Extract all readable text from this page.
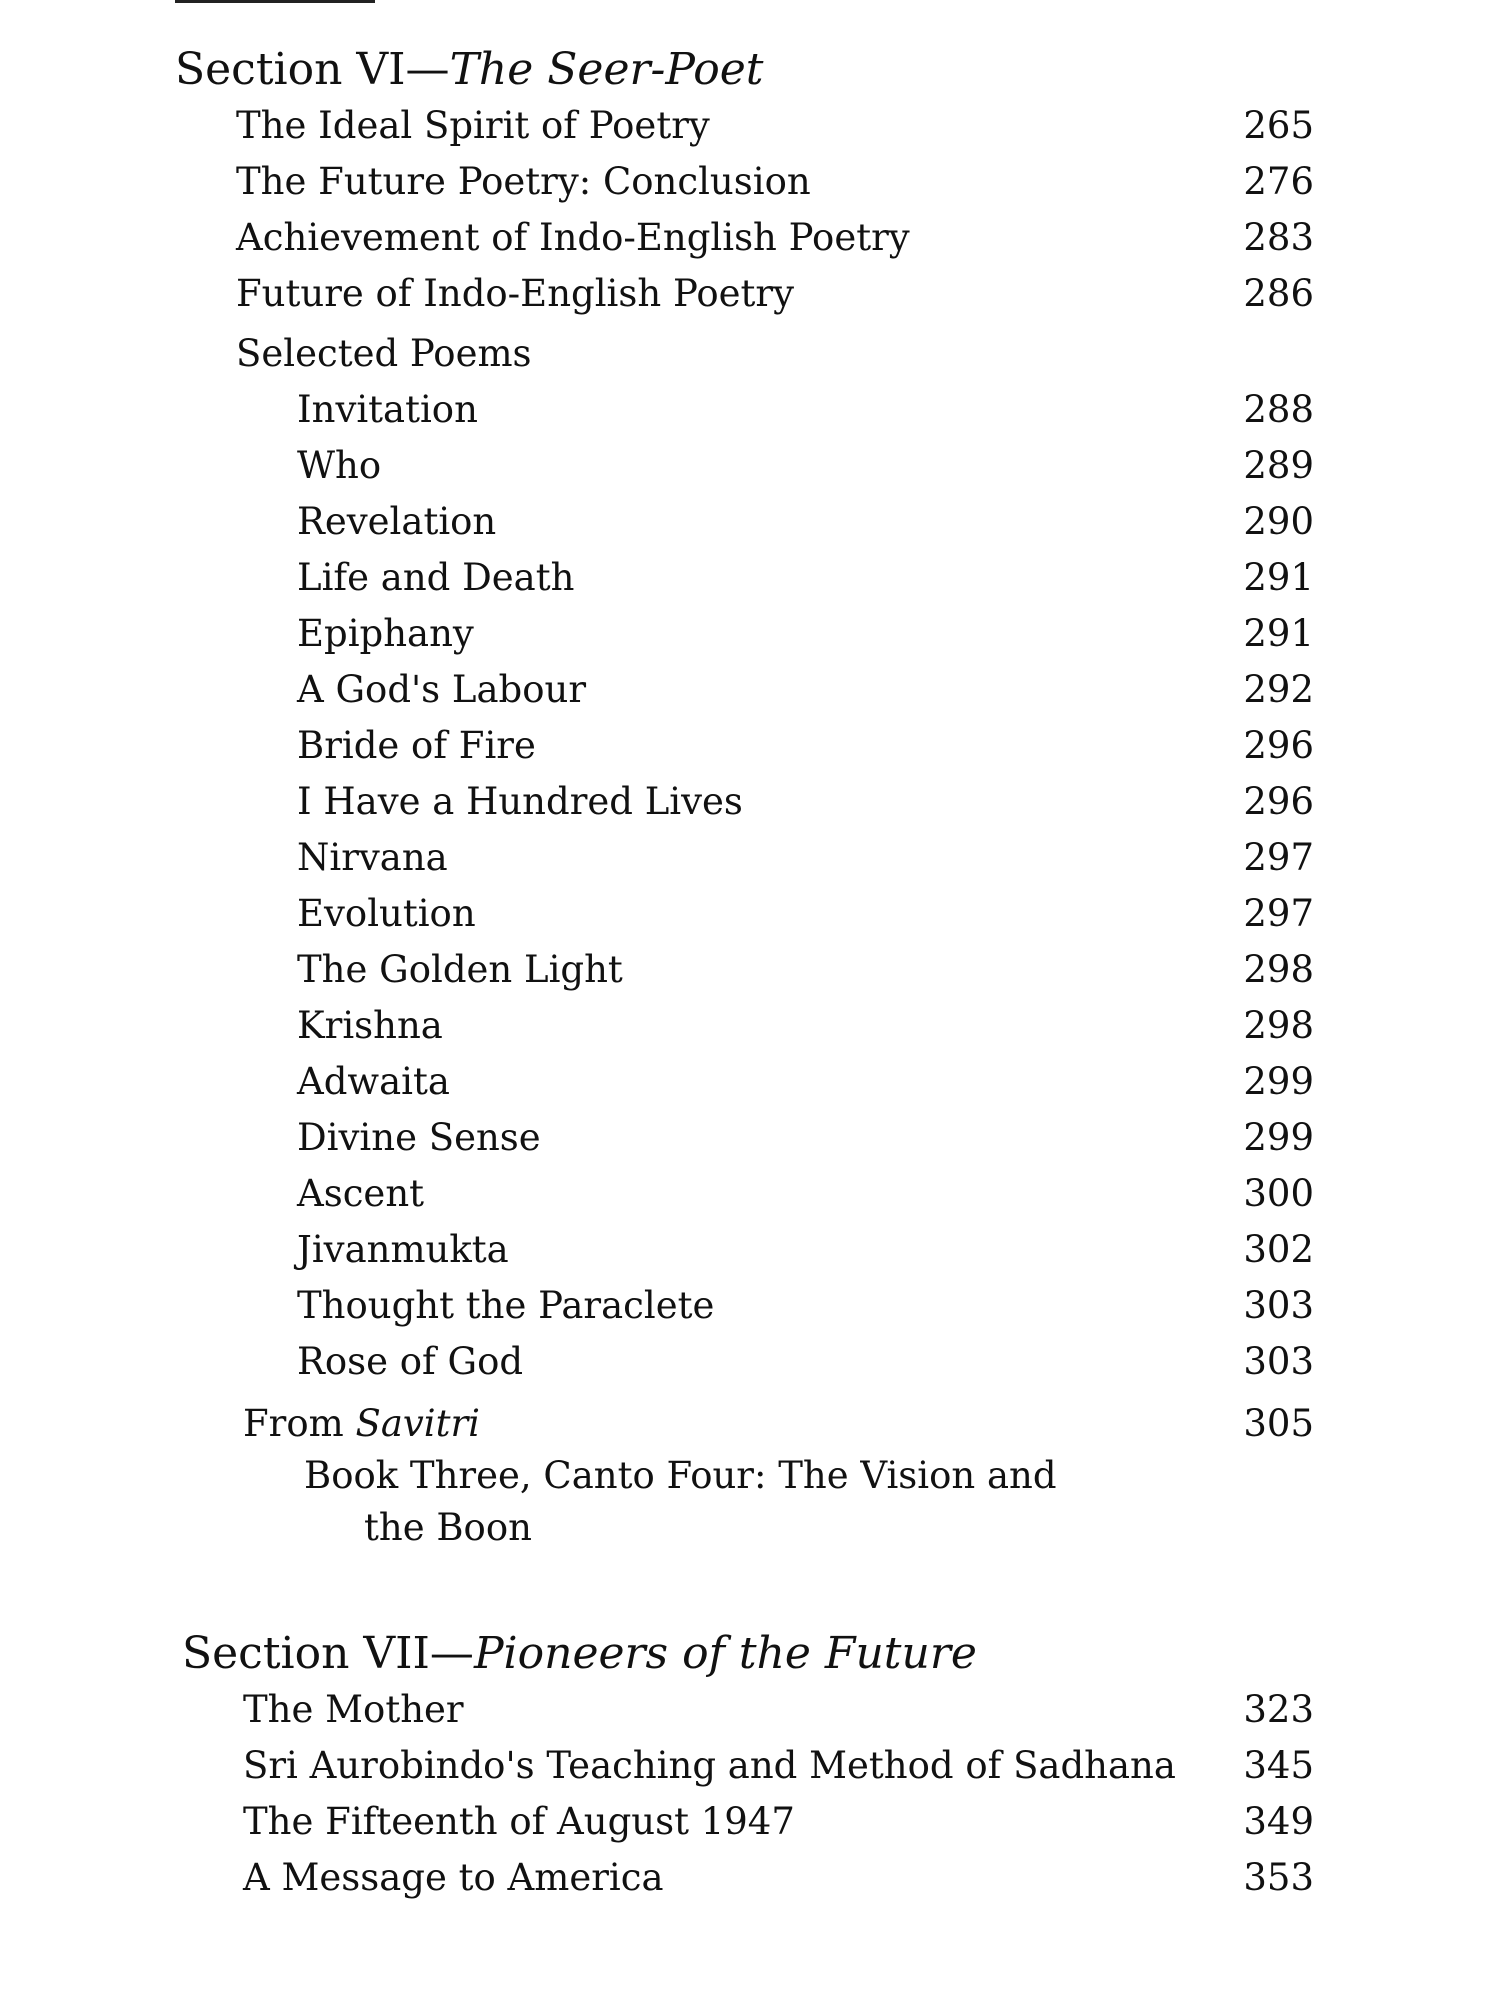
Section VI—The Seer-Poet
The Ideal Spirit of Poetry	265
The Future Poetry: Conclusion	276
Achievement of Indo-English Poetry	283
Future of Indo-English Poetry	286
Selected Poems
Invitation	288
Who	289
Revelation	290
Life and Death	291
Epiphany	291
A God's Labour	292
Bride of Fire	296
I Have a Hundred Lives	296
Nirvana	297
Evolution	297
The Golden Light	298
Krishna	298
Adwaita	299
Divine Sense	299
Ascent	300
Jivanmukta	302
Thought the Paraclete	303
Rose of God	303
From Savitri	305
Book Three, Canto Four: The Vision and
the Boon
Section VII—Pioneers of the Future
The Mother	323
Sri Aurobindo's Teaching and Method of Sadhana 345
The Fifteenth of August 1947	349
A Message to America	353
